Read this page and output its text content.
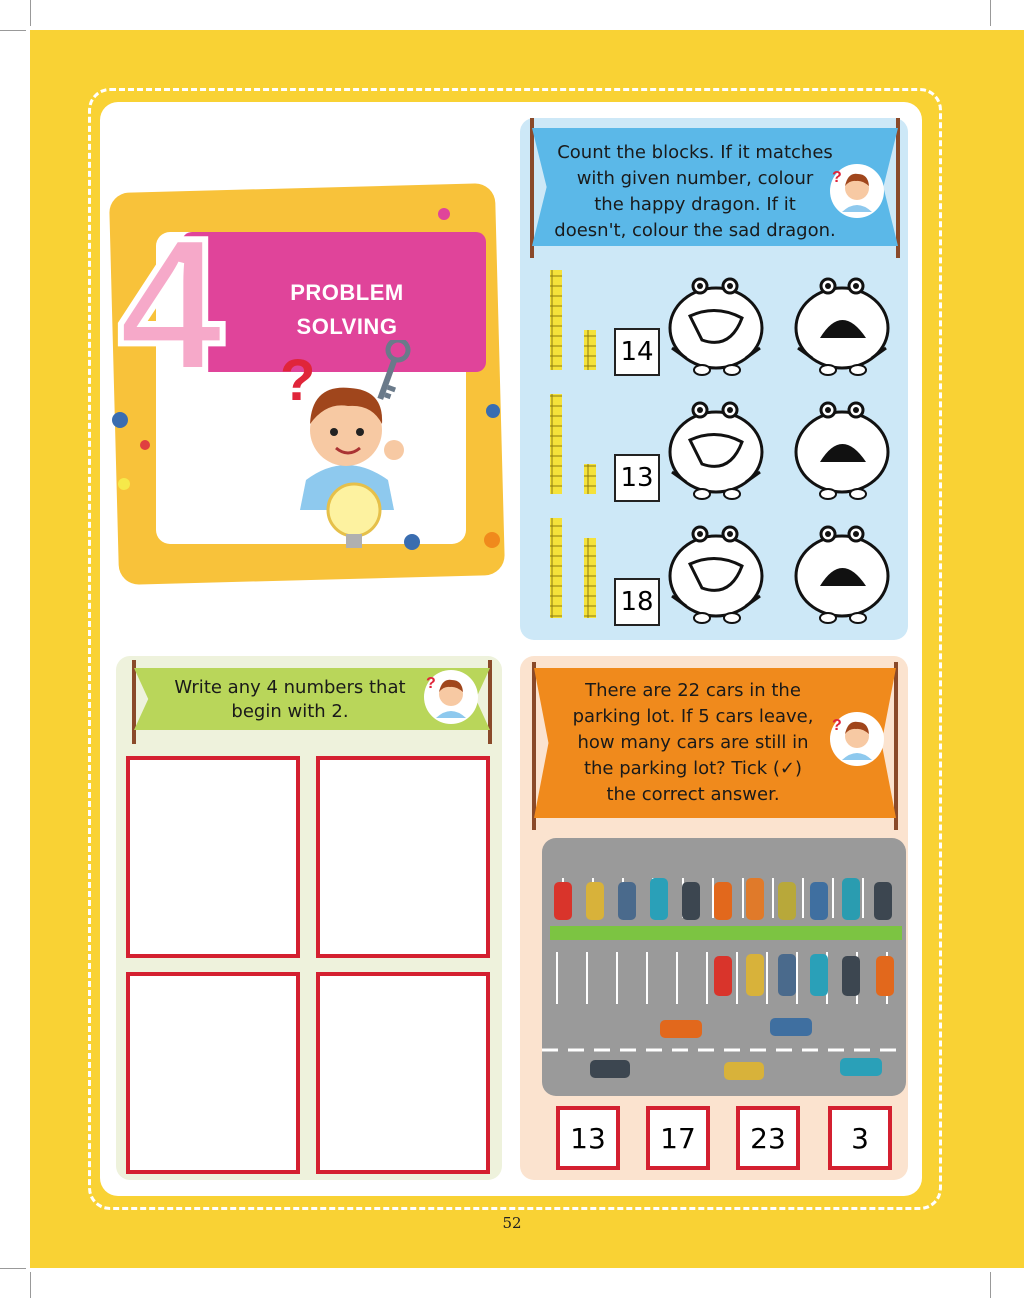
4	PROBLEM
SOLVING
?
Count the blocks. If it matches
with given number, colour
the happy dragon. If it
doesn't, colour the sad dragon.
?
14
13
18
Write any 4 numbers that
begin with 2.
?	There are 22 cars in the
parking lot. If 5 cars leave,
how many cars are still in
the parking lot? Tick (✓)
the correct answer.
?
13	17	23	3
52
